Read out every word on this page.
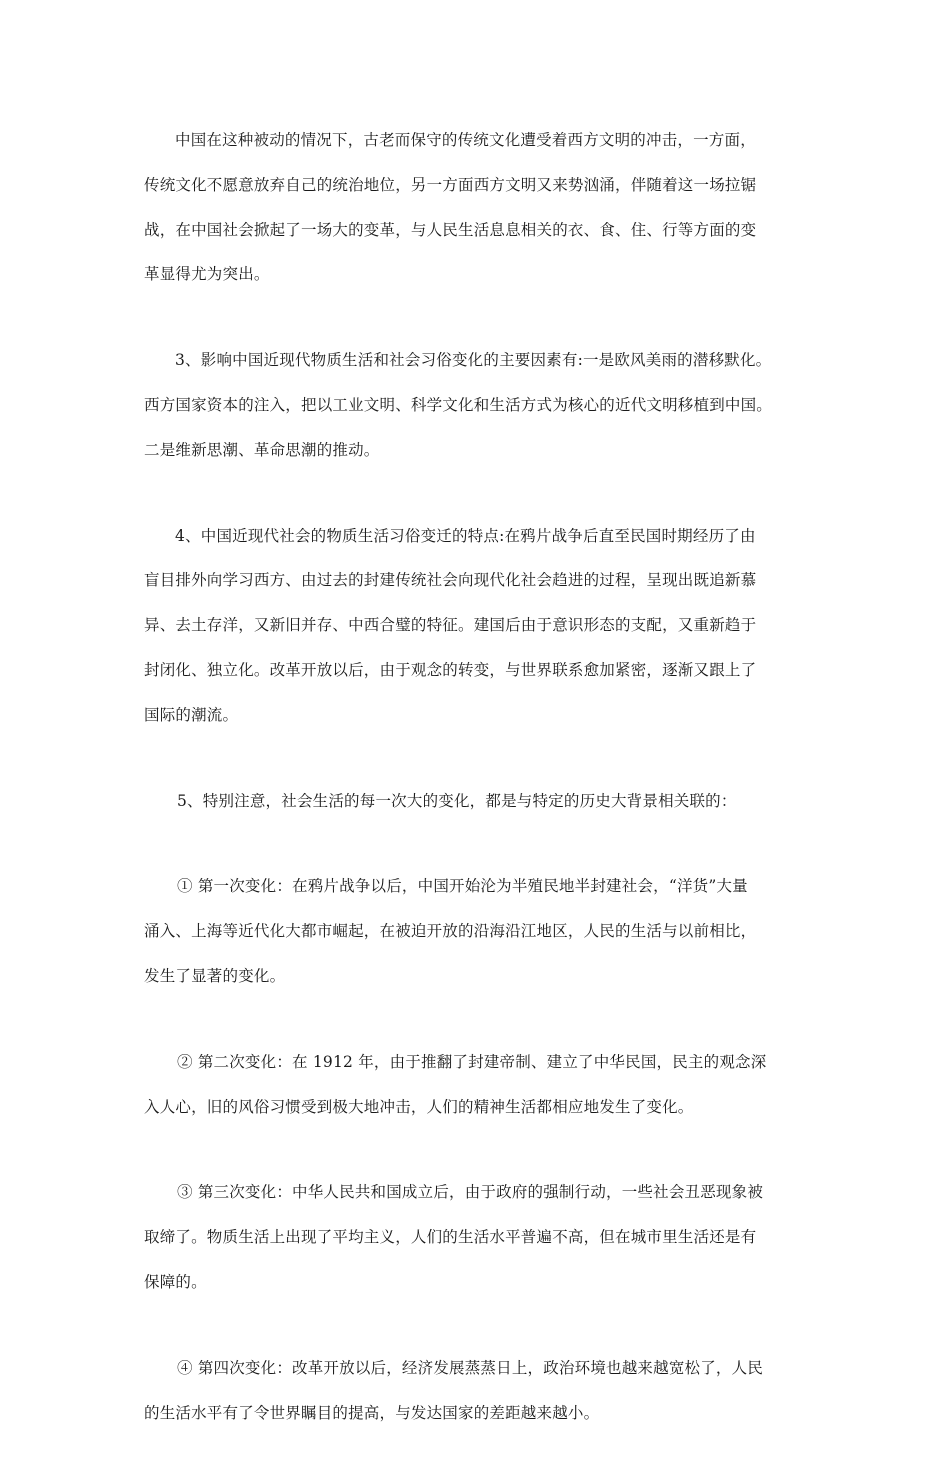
中国在这种被动的情况下，古老而保守的传统文化遭受着西方文明的冲击，一方面，
传统文化不愿意放弃自己的统治地位，另一方面西方文明又来势汹涌，伴随着这一场拉锯
战，在中国社会掀起了一场大的变革，与人民生活息息相关的衣、食、住、行等方面的变
革显得尤为突出。

3、影响中国近现代物质生活和社会习俗变化的主要因素有:一是欧风美雨的潜移默化。
西方国家资本的注入，把以工业文明、科学文化和生活方式为核心的近代文明移植到中国。
二是维新思潮、革命思潮的推动。

4、中国近现代社会的物质生活习俗变迁的特点:在鸦片战争后直至民国时期经历了由
盲目排外向学习西方、由过去的封建传统社会向现代化社会趋进的过程，呈现出既追新慕
异、去土存洋，又新旧并存、中西合璧的特征。建国后由于意识形态的支配，又重新趋于
封闭化、独立化。改革开放以后，由于观念的转变，与世界联系愈加紧密，逐渐又跟上了
国际的潮流。

5、特别注意，社会生活的每一次大的变化，都是与特定的历史大背景相关联的：

① 第一次变化：在鸦片战争以后，中国开始沦为半殖民地半封建社会，“洋货”大量
涌入、上海等近代化大都市崛起，在被迫开放的沿海沿江地区，人民的生活与以前相比，
发生了显著的变化。

② 第二次变化：在 1912 年，由于推翻了封建帝制、建立了中华民国，民主的观念深
入人心，旧的风俗习惯受到极大地冲击，人们的精神生活都相应地发生了变化。

③ 第三次变化：中华人民共和国成立后，由于政府的强制行动，一些社会丑恶现象被
取缔了。物质生活上出现了平均主义，人们的生活水平普遍不高，但在城市里生活还是有
保障的。

④ 第四次变化：改革开放以后，经济发展蒸蒸日上，政治环境也越来越宽松了，人民
的生活水平有了令世界瞩目的提高，与发达国家的差距越来越小。
